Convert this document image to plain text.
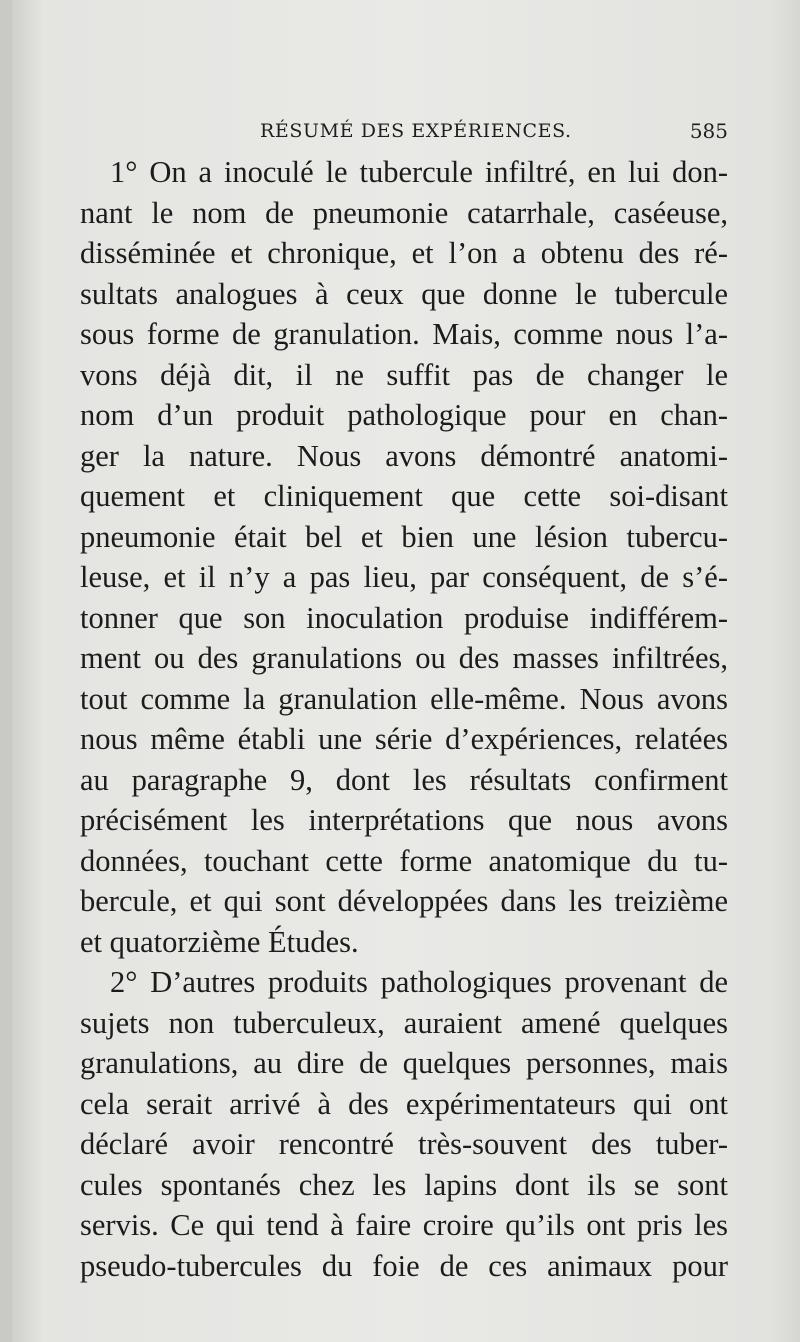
RÉSUMÉ DES EXPÉRIENCES.	585
1° On a inoculé le tubercule infiltré, en lui don-
nant le nom de pneumonie catarrhale, caséeuse,
disséminée et chronique, et l’on a obtenu des ré-
sultats analogues à ceux que donne le tubercule
sous forme de granulation. Mais, comme nous l’a-
vons déjà dit, il ne suffit pas de changer le
nom d’un produit pathologique pour en chan-
ger la nature. Nous avons démontré anatomi-
quement et cliniquement que cette soi-disant
pneumonie était bel et bien une lésion tubercu-
leuse, et il n’y a pas lieu, par conséquent, de s’é-
tonner que son inoculation produise indifférem-
ment ou des granulations ou des masses infiltrées,
tout comme la granulation elle-même. Nous avons
nous même établi une série d’expériences, relatées
au paragraphe 9, dont les résultats confirment
précisément les interprétations que nous avons
données, touchant cette forme anatomique du tu-
bercule, et qui sont développées dans les treizième
et quatorzième Études.
2° D’autres produits pathologiques provenant de
sujets non tuberculeux, auraient amené quelques
granulations, au dire de quelques personnes, mais
cela serait arrivé à des expérimentateurs qui ont
déclaré avoir rencontré très-souvent des tuber-
cules spontanés chez les lapins dont ils se sont
servis. Ce qui tend à faire croire qu’ils ont pris les
pseudo-tubercules du foie de ces animaux pour
